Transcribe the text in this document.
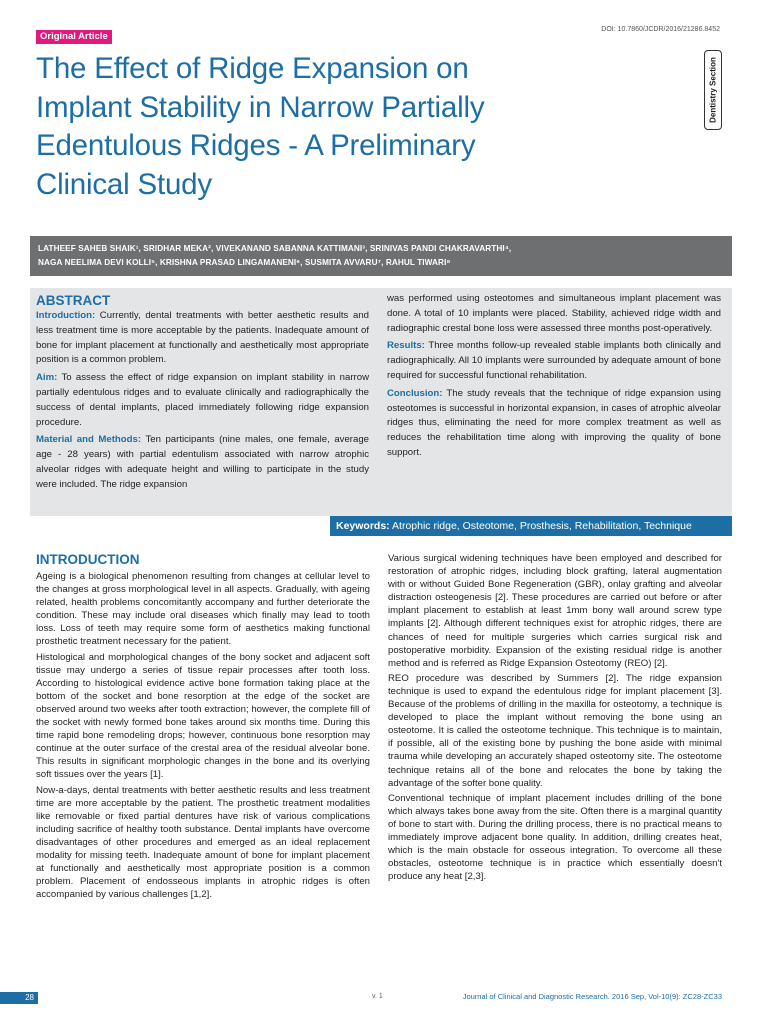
Original Article
DOI: 10.7860/JCDR/2016/21286.8452
Dentistry Section
The Effect of Ridge Expansion on Implant Stability in Narrow Partially Edentulous Ridges - A Preliminary Clinical Study
LATHEEF SAHEB SHAIK¹, SRIDHAR MEKA², VIVEKANAND SABANNA KATTIMANI³, SRINIVAS PANDI CHAKRAVARTHI⁴,
NAGA NEELIMA DEVI KOLLI⁵, KRISHNA PRASAD LINGAMANENI⁶, SUSMITA AVVARU⁷, RAHUL TIWARI⁸
ABSTRACT

Introduction: Currently, dental treatments with better aesthetic results and less treatment time is more acceptable by the patients. Inadequate amount of bone for implant placement at functionally and aesthetically most appropriate position is a common problem.

Aim: To assess the effect of ridge expansion on implant stability in narrow partially edentulous ridges and to evaluate clinically and radiographically the success of dental implants, placed immediately following ridge expansion procedure.

Material and Methods: Ten participants (nine males, one female, average age - 28 years) with partial edentulism associated with narrow atrophic alveolar ridges with adequate height and willing to participate in the study were included. The ridge expansion

was performed using osteotomes and simultaneous implant placement was done. A total of 10 implants were placed. Stability, achieved ridge width and radiographic crestal bone loss were assessed three months post-operatively.

Results: Three months follow-up revealed stable implants both clinically and radiographically. All 10 implants were surrounded by adequate amount of bone required for successful functional rehabilitation.

Conclusion: The study reveals that the technique of ridge expansion using osteotomes is successful in horizontal expansion, in cases of atrophic alveolar ridges thus, eliminating the need for more complex treatment as well as reduces the rehabilitation time along with improving the quality of bone support.

Keywords: Atrophic ridge, Osteotome, Prosthesis, Rehabilitation, Technique
INTRODUCTION

Ageing is a biological phenomenon resulting from changes at cellular level to the changes at gross morphological level in all aspects. Gradually, with ageing related, health problems concomitantly accompany and further deteriorate the condition. These may include oral diseases which finally may lead to tooth loss. Loss of teeth may require some form of aesthetics making functional prosthetic treatment necessary for the patient.

Histological and morphological changes of the bony socket and adjacent soft tissue may undergo a series of tissue repair processes after tooth loss. According to histological evidence active bone formation taking place at the bottom of the socket and bone resorption at the edge of the socket are observed around two weeks after tooth extraction; however, the complete fill of the socket with newly formed bone takes around six months time. During this time rapid bone remodeling drops; however, continuous bone resorption may continue at the outer surface of the crestal area of the residual alveolar bone. This results in significant morphologic changes in the bone and its overlying soft tissues over the years [1].

Now-a-days, dental treatments with better aesthetic results and less treatment time are more acceptable by the patient. The prosthetic treatment modalities like removable or fixed partial dentures have risk of various complications including sacrifice of healthy tooth substance. Dental implants have overcome disadvantages of other procedures and emerged as an ideal replacement modality for missing teeth. Inadequate amount of bone for implant placement at functionally and aesthetically most appropriate position is a common problem. Placement of endosseous implants in atrophic ridges is often accompanied by various challenges [1,2].

Various surgical widening techniques have been employed and described for restoration of atrophic ridges, including block grafting, lateral augmentation with or without Guided Bone Regeneration (GBR), onlay grafting and alveolar distraction osteogenesis [2]. These procedures are carried out before or after implant placement to establish at least 1mm bony wall around screw type implants [2]. Although different techniques exist for atrophic ridges, there are chances of need for multiple surgeries which carries surgical risk and postoperative morbidity. Expansion of the existing residual ridge is another method and is referred as Ridge Expansion Osteotomy (REO) [2].

REO procedure was described by Summers [2]. The ridge expansion technique is used to expand the edentulous ridge for implant placement [3]. Because of the problems of drilling in the maxilla for osteotomy, a technique is developed to place the implant without removing the bone using an osteotome. It is called the osteotome technique. This technique is to maintain, if possible, all of the existing bone by pushing the bone aside with minimal trauma while developing an accurately shaped osteotomy site. The osteotome technique retains all of the bone and relocates the bone by taking the advantage of the softer bone quality.

Conventional technique of implant placement includes drilling of the bone which always takes bone away from the site. Often there is a marginal quantity of bone to start with. During the drilling process, there is no practical means to immediately improve adjacent bone quality. In addition, drilling creates heat, which is the main obstacle for osseous integration. To overcome all these obstacles, osteotome technique is in practice which essentially doesn't produce any heat [2,3].

28	v. 1	Journal of Clinical and Diagnostic Research. 2016 Sep, Vol-10(9): ZC28-ZC33
